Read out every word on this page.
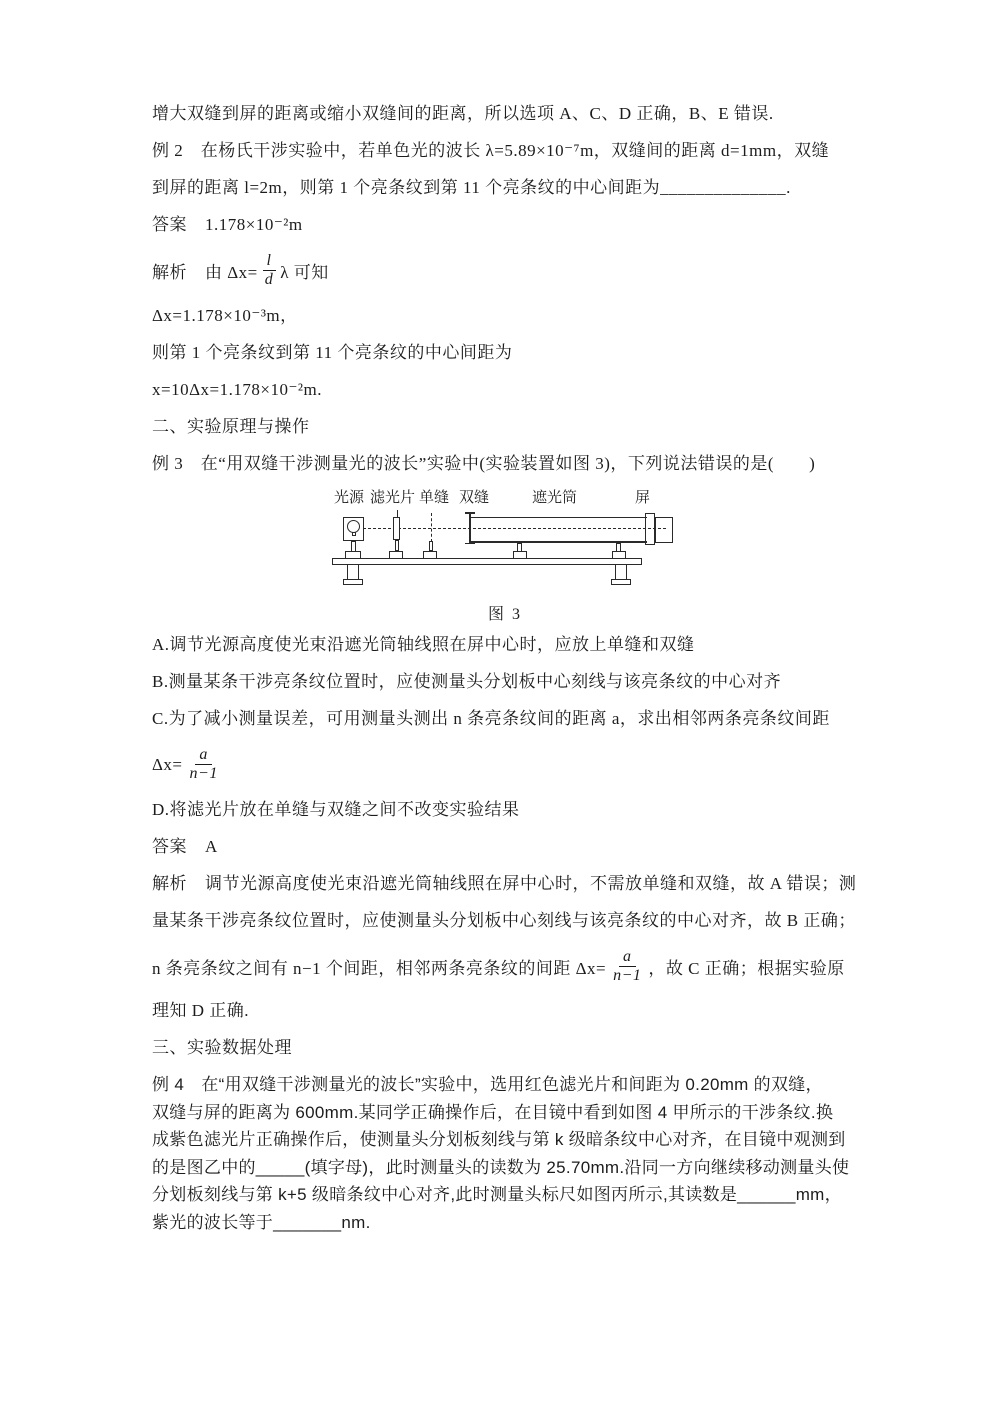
增大双缝到屏的距离或缩小双缝间的距离，所以选项 A、C、D 正确，B、E 错误.
例 2　在杨氏干涉实验中，若单色光的波长 λ=5.89×10⁻⁷m，双缝间的距离 d=1mm，双缝
到屏的距离 l=2m，则第 1 个亮条纹到第 11 个亮条纹的中心间距为______________.
答案 1.178×10⁻²m
解析 由 $\Delta x= \frac{l}{d}$ λ 可知
Δx=1.178×10⁻³m，
则第 1 个亮条纹到第 11 个亮条纹的中心间距为
x=10Δx=1.178×10⁻²m.
二、实验原理与操作
例 3　在“用双缝干涉测量光的波长”实验中(实验装置如图 3)，下列说法错误的是(　　)
光源 滤光片 单缝 双缝	遮光筒	屏
图 3
A.调节光源高度使光束沿遮光筒轴线照在屏中心时，应放上单缝和双缝
B.测量某条干涉亮条纹位置时，应使测量头分划板中心刻线与该亮条纹的中心对齐
C.为了减小测量误差，可用测量头测出 n 条亮条纹间的距离 a，求出相邻两条亮条纹间距
$\Delta x= \frac{a}{n-1}$
D.将滤光片放在单缝与双缝之间不改变实验结果
答案 A
解析 调节光源高度使光束沿遮光筒轴线照在屏中心时，不需放单缝和双缝，故 A 错误；测
量某条干涉亮条纹位置时，应使测量头分划板中心刻线与该亮条纹的中心对齐，故 B 正确；
n 条亮条纹之间有 n−1 个间距，相邻两条亮条纹的间距 $\Delta x= \frac{a}{n-1}$ ，故 C 正确；根据实验原
理知 D 正确.
三、实验数据处理
例 4　在“用双缝干涉测量光的波长”实验中，选用红色滤光片和间距为 0.20mm 的双缝，
双缝与屏的距离为 600mm.某同学正确操作后，在目镜中看到如图 4 甲所示的干涉条纹.换
成紫色滤光片正确操作后，使测量头分划板刻线与第 k 级暗条纹中心对齐，在目镜中观测到
的是图乙中的_____(填字母)，此时测量头的读数为 25.70mm.沿同一方向继续移动测量头使
分划板刻线与第 k+5 级暗条纹中心对齐,此时测量头标尺如图丙所示,其读数是______mm，
紫光的波长等于_______nm.
